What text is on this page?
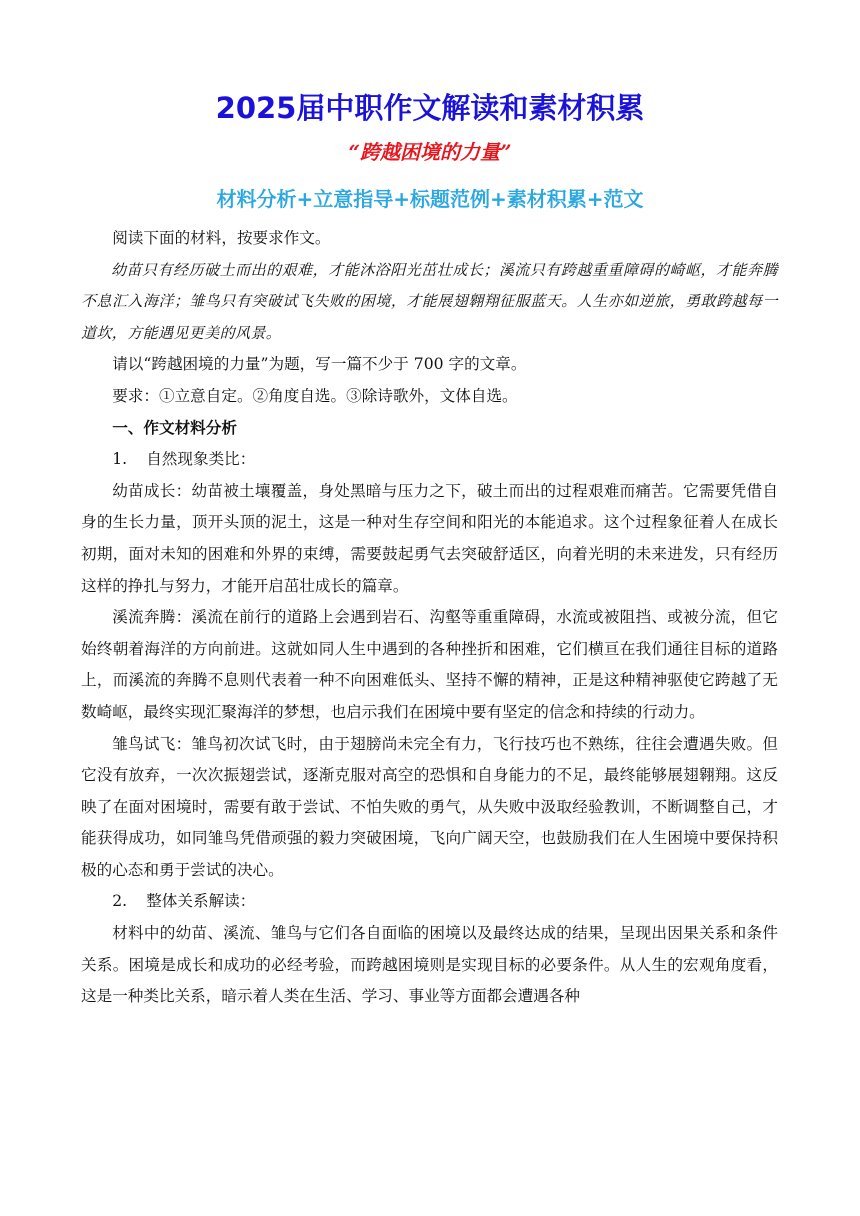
2025届中职作文解读和素材积累
“跨越困境的力量”
材料分析+立意指导+标题范例+素材积累+范文

阅读下面的材料，按要求作文。

幼苗只有经历破土而出的艰难，才能沐浴阳光茁壮成长；溪流只有跨越重重障碍的崎岖，才能奔腾不息汇入海洋；雏鸟只有突破试飞失败的困境，才能展翅翱翔征服蓝天。人生亦如逆旅，勇敢跨越每一道坎，方能遇见更美的风景。

请以“跨越困境的力量”为题，写一篇不少于 700 字的文章。

要求：①立意自定。②角度自选。③除诗歌外，文体自选。

一、作文材料分析

1. 自然现象类比：

幼苗成长：幼苗被土壤覆盖，身处黑暗与压力之下，破土而出的过程艰难而痛苦。它需要凭借自身的生长力量，顶开头顶的泥土，这是一种对生存空间和阳光的本能追求。这个过程象征着人在成长初期，面对未知的困难和外界的束缚，需要鼓起勇气去突破舒适区，向着光明的未来进发，只有经历这样的挣扎与努力，才能开启茁壮成长的篇章。

溪流奔腾：溪流在前行的道路上会遇到岩石、沟壑等重重障碍，水流或被阻挡、或被分流，但它始终朝着海洋的方向前进。这就如同人生中遇到的各种挫折和困难，它们横亘在我们通往目标的道路上，而溪流的奔腾不息则代表着一种不向困难低头、坚持不懈的精神，正是这种精神驱使它跨越了无数崎岖，最终实现汇聚海洋的梦想，也启示我们在困境中要有坚定的信念和持续的行动力。

雏鸟试飞：雏鸟初次试飞时，由于翅膀尚未完全有力，飞行技巧也不熟练，往往会遭遇失败。但它没有放弃，一次次振翅尝试，逐渐克服对高空的恐惧和自身能力的不足，最终能够展翅翱翔。这反映了在面对困境时，需要有敢于尝试、不怕失败的勇气，从失败中汲取经验教训，不断调整自己，才能获得成功，如同雏鸟凭借顽强的毅力突破困境，飞向广阔天空，也鼓励我们在人生困境中要保持积极的心态和勇于尝试的决心。

2. 整体关系解读：

材料中的幼苗、溪流、雏鸟与它们各自面临的困境以及最终达成的结果，呈现出因果关系和条件关系。困境是成长和成功的必经考验，而跨越困境则是实现目标的必要条件。从人生的宏观角度看，这是一种类比关系，暗示着人类在生活、学习、事业等方面都会遭遇各种
